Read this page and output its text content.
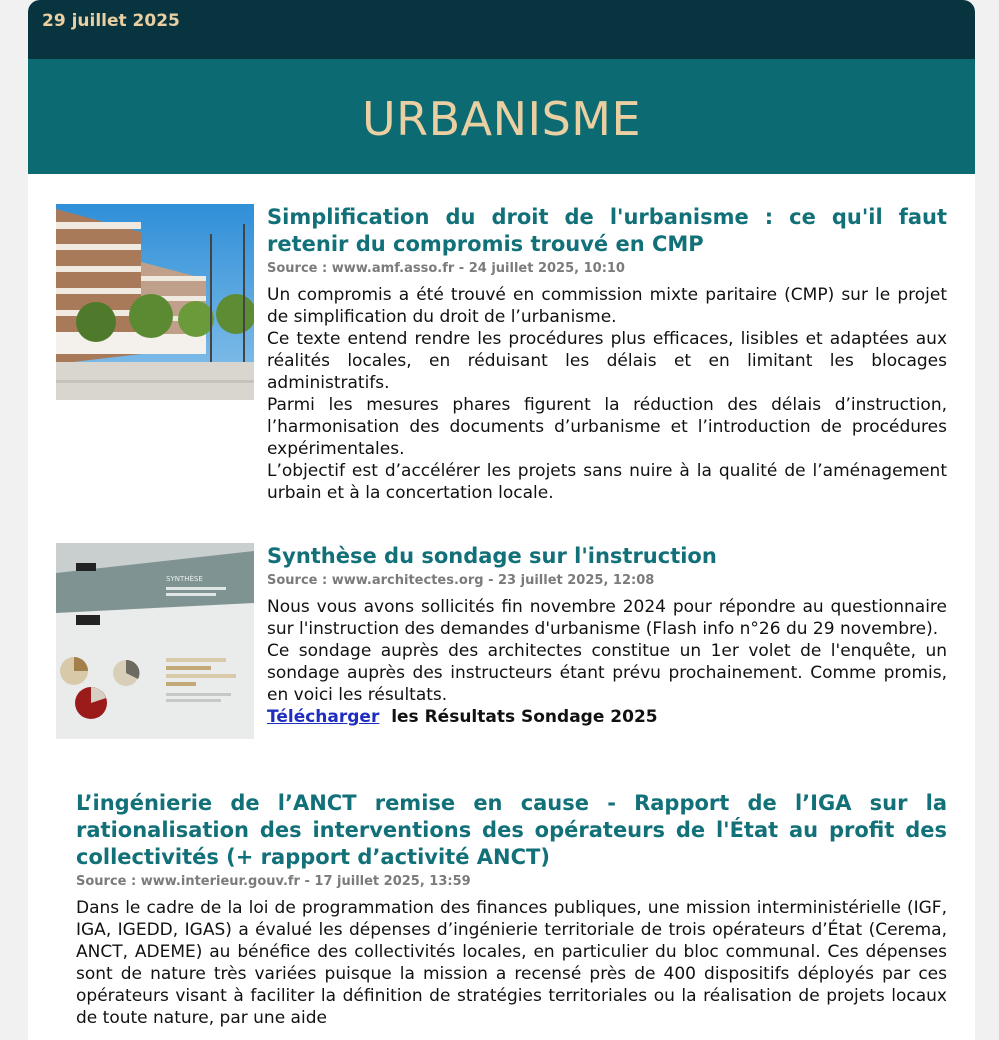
29 juillet 2025
URBANISME
Simplification du droit de l'urbanisme : ce qu'il faut retenir du compromis trouvé en CMP
Source : www.amf.asso.fr - 24 juillet 2025, 10:10

Un compromis a été trouvé en commission mixte paritaire (CMP) sur le projet de simplification du droit de l’urbanisme.

Ce texte entend rendre les procédures plus efficaces, lisibles et adaptées aux réalités locales, en réduisant les délais et en limitant les blocages administratifs.

Parmi les mesures phares figurent la réduction des délais d’instruction, l’harmonisation des documents d’urbanisme et l’introduction de procédures expérimentales.

L’objectif est d’accélérer les projets sans nuire à la qualité de l’aménagement urbain et à la concertation locale.

SYNTHÈSE
Synthèse du sondage sur l'instruction
Source : www.architectes.org - 23 juillet 2025, 12:08

Nous vous avons sollicités fin novembre 2024 pour répondre au questionnaire sur l'instruction des demandes d'urbanisme (Flash info n°26 du 29 novembre).

Ce sondage auprès des architectes constitue un 1er volet de l'enquête, un sondage auprès des instructeurs étant prévu prochainement. Comme promis, en voici les résultats.

Télécharger les Résultats Sondage 2025
L’ingénierie de l’ANCT remise en cause - Rapport de l’IGA sur la rationalisation des interventions des opérateurs de l'État au profit des collectivités (+ rapport d’activité ANCT)
Source : www.interieur.gouv.fr - 17 juillet 2025, 13:59

Dans le cadre de la loi de programmation des finances publiques, une mission interministérielle (IGF, IGA, IGEDD, IGAS) a évalué les dépenses d’ingénierie territoriale de trois opérateurs d’État (Cerema, ANCT, ADEME) au bénéfice des collectivités locales, en particulier du bloc communal. Ces dépenses sont de nature très variées puisque la mission a recensé près de 400 dispositifs déployés par ces opérateurs visant à faciliter la définition de stratégies territoriales ou la réalisation de projets locaux de toute nature, par une aide
